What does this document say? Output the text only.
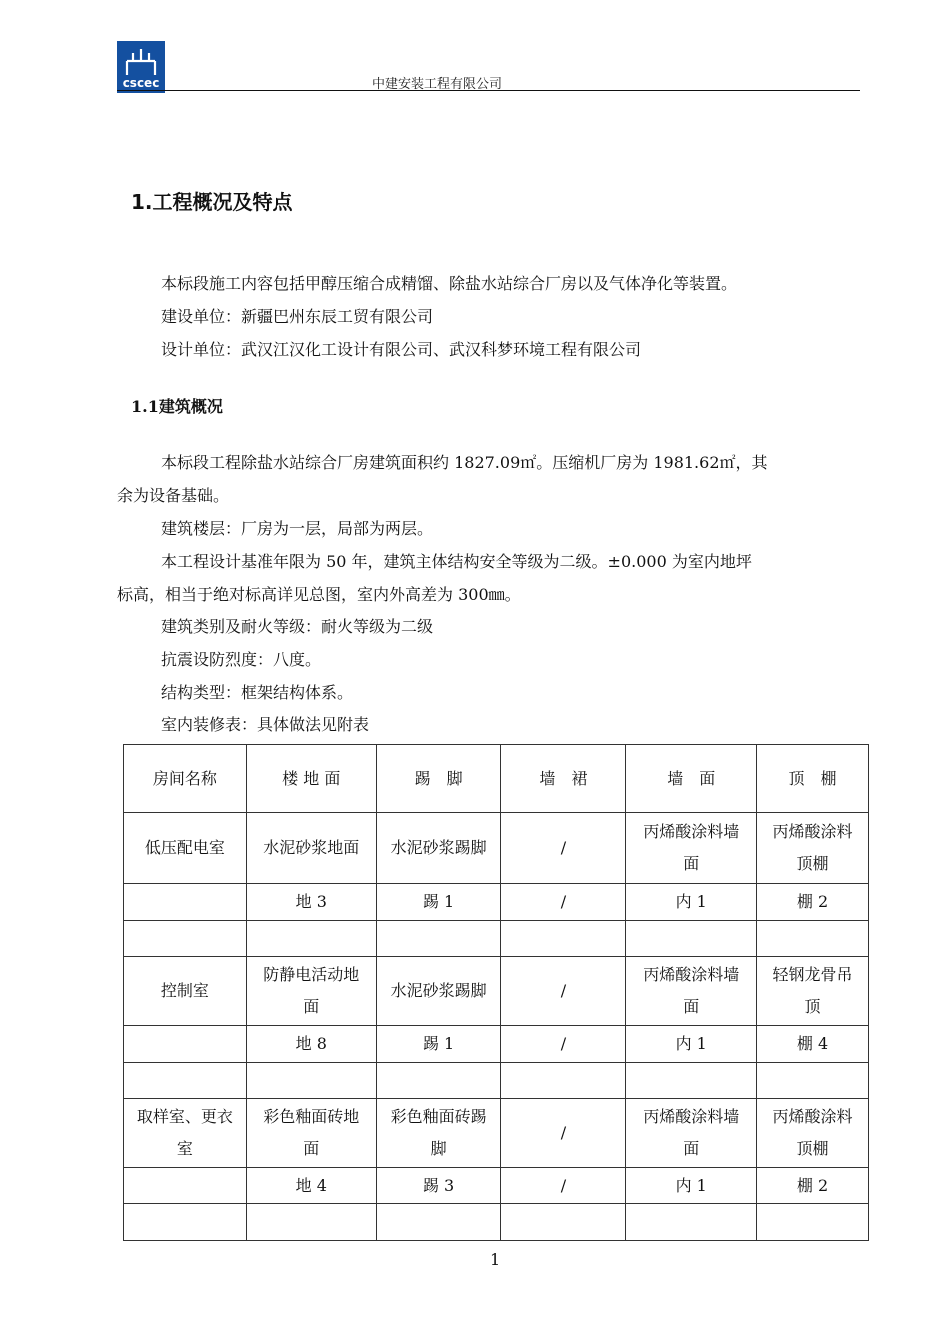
cscec	中建安装工程有限公司
1.工程概况及特点
本标段施工内容包括甲醇压缩合成精馏、除盐水站综合厂房以及气体净化等装置。
建设单位：新疆巴州东辰工贸有限公司
设计单位：武汉江汉化工设计有限公司、武汉科梦环境工程有限公司
1.1建筑概况
本标段工程除盐水站综合厂房建筑面积约 1827.09㎡。压缩机厂房为 1981.62㎡，其
余为设备基础。
建筑楼层：厂房为一层，局部为两层。
本工程设计基准年限为 50 年，建筑主体结构安全等级为二级。±0.000 为室内地坪
标高，相当于绝对标高详见总图，室内外高差为 300㎜。
建筑类别及耐火等级：耐火等级为二级
抗震设防烈度：八度。
结构类型：框架结构体系。
室内装修表：具体做法见附表
房间名称	楼 地 面	踢　脚	墙　裙	墙　面	顶　棚
低压配电室	水泥砂浆地面	水泥砂浆踢脚	/	丙烯酸涂料墙面	丙烯酸涂料顶棚
	地 3	踢 1	/	内 1	棚 2

控制室	防静电活动地面	水泥砂浆踢脚	/	丙烯酸涂料墙面	轻钢龙骨吊顶
	地 8	踢 1	/	内 1	棚 4

取样室、更衣室	彩色釉面砖地面	彩色釉面砖踢脚	/	丙烯酸涂料墙面	丙烯酸涂料顶棚
	地 4	踢 3	/	内 1	棚 2

1
